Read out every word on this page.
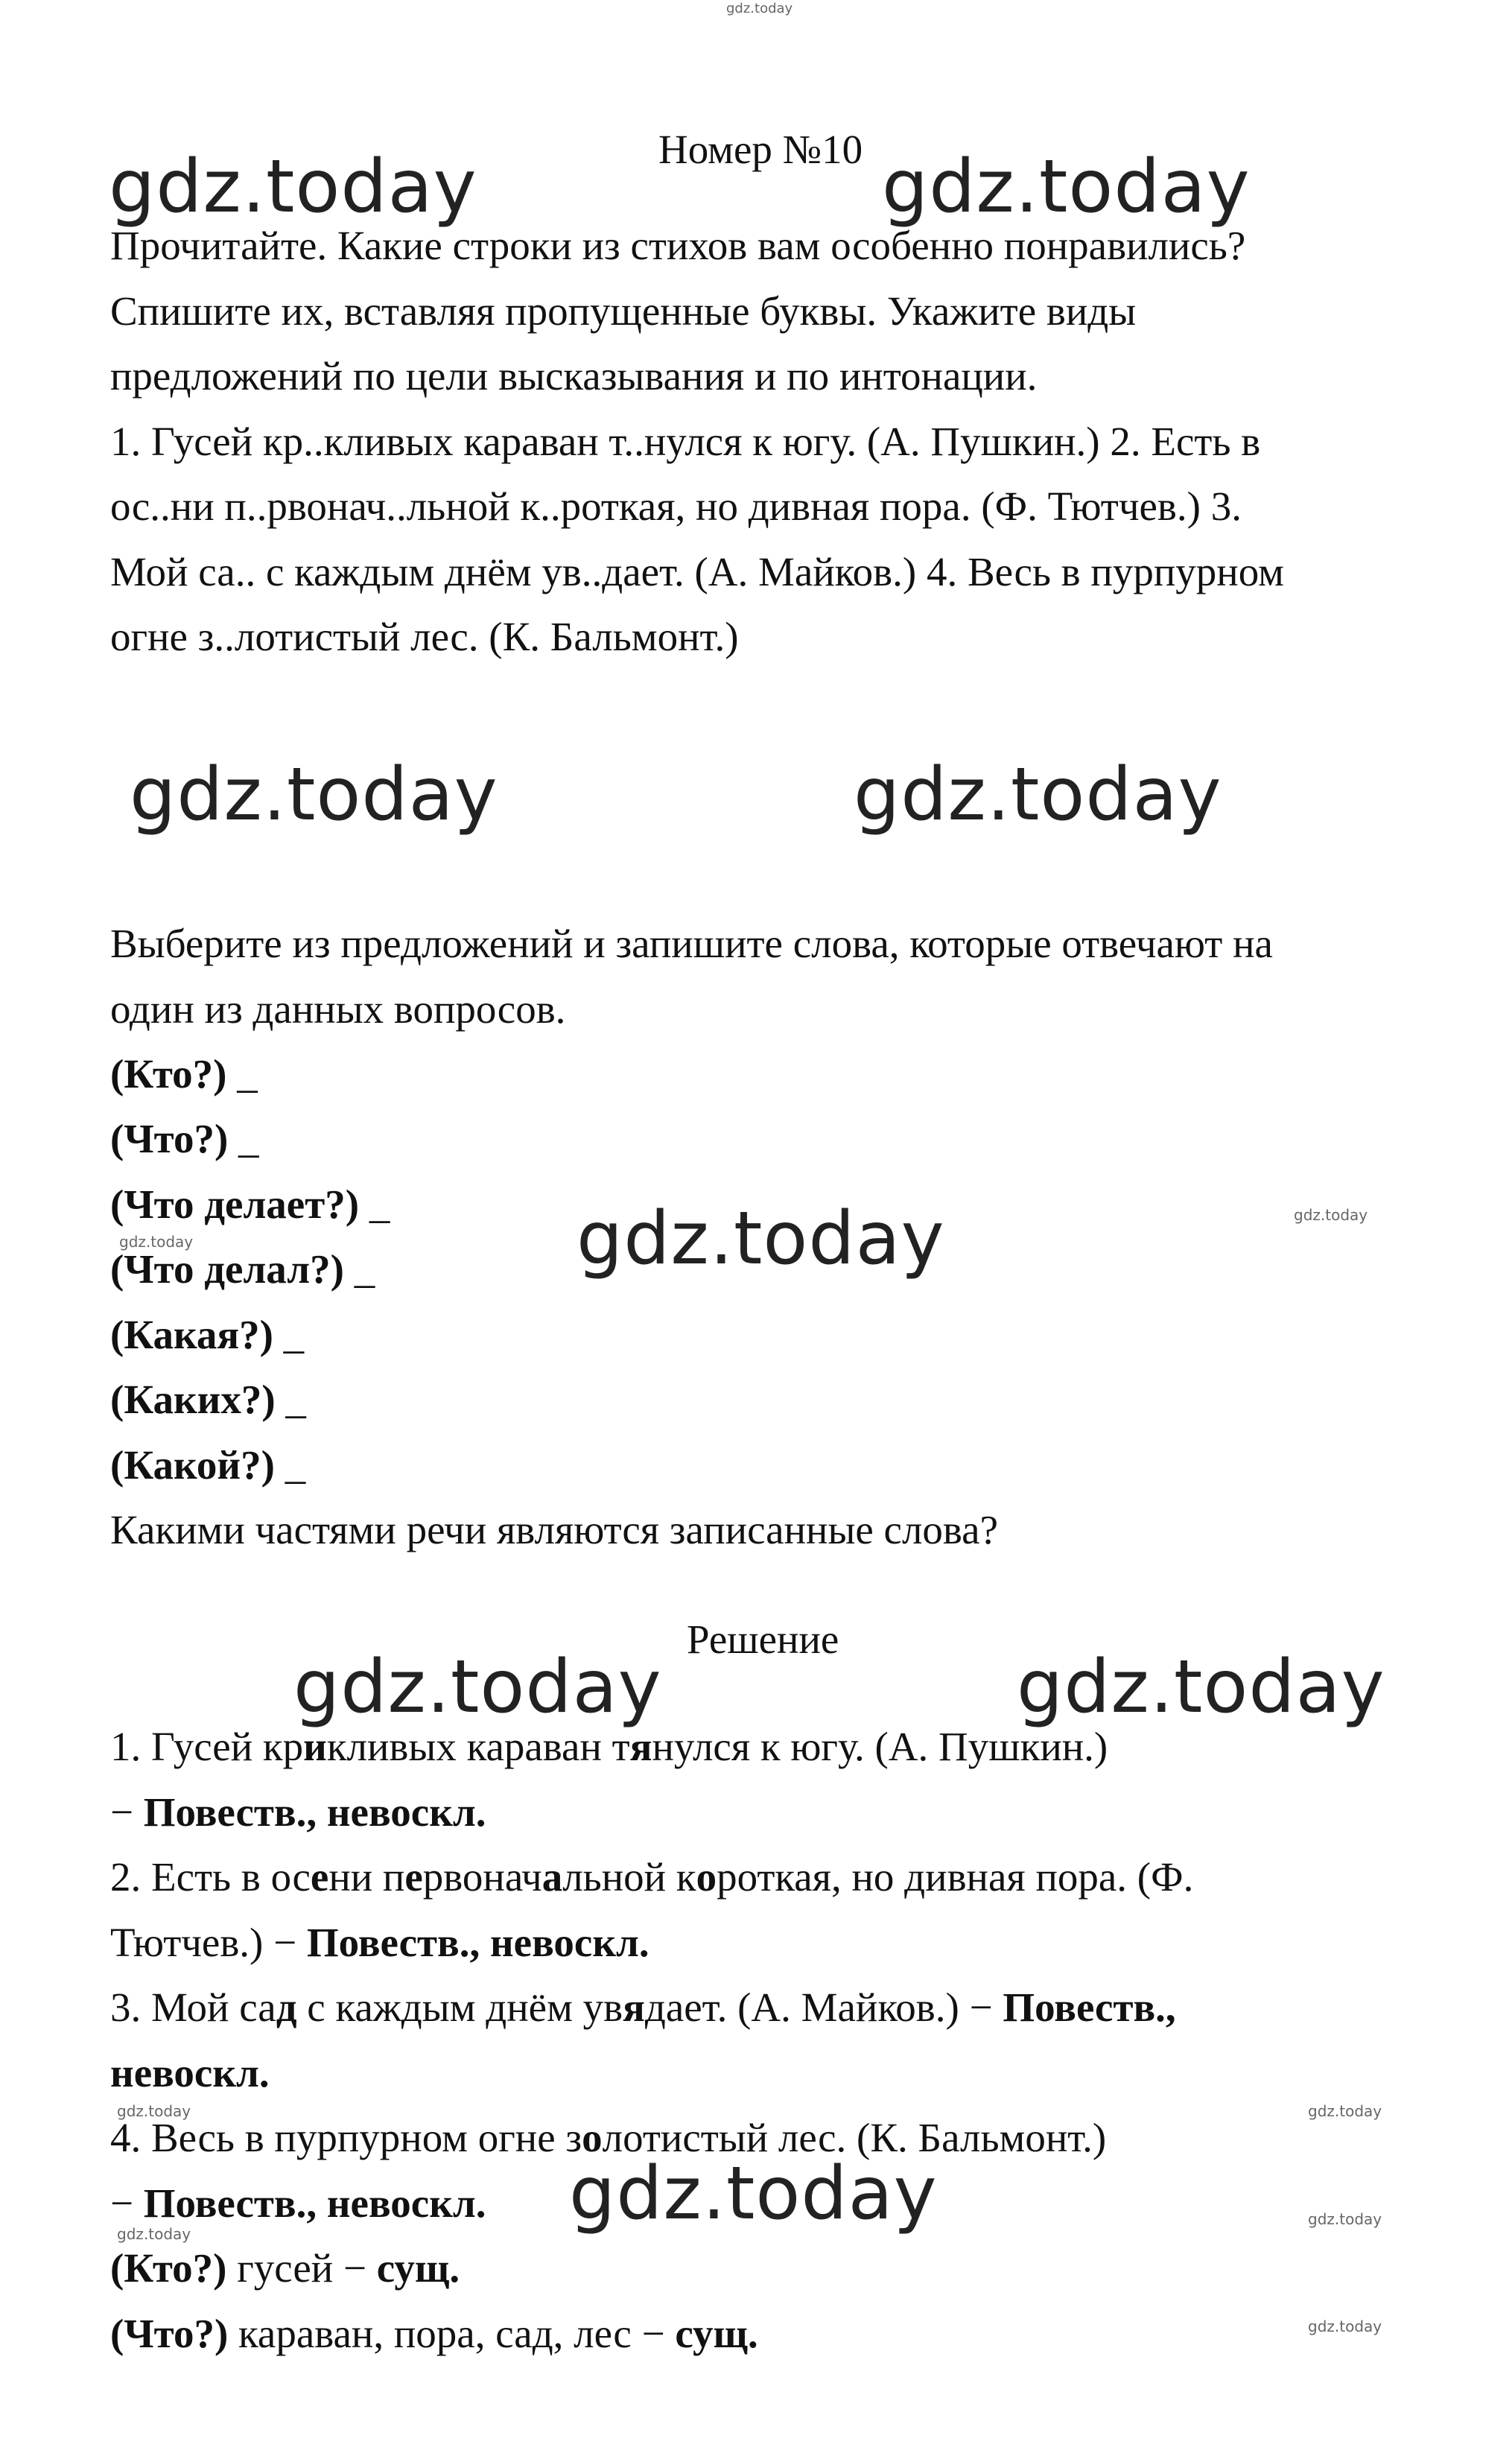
gdz.today
Номер №10
gdz.today	gdz.today

Прочитайте. Какие строки из стихов вам особенно понравились?

Спишите их, вставляя пропущенные буквы. Укажите виды

предложений по цели высказывания и по интонации.

1. Гусей кр..кливых караван т..нулся к югу. (А. Пушкин.) 2. Есть в

ос..ни п..рвонач..льной к..роткая, но дивная пора. (Ф. Тютчев.) 3.

Мой са.. с каждым днём ув..дает. (А. Майков.) 4. Весь в пурпурном

огне з..лотистый лес. (К. Бальмонт.)

gdz.today	gdz.today

Выберите из предложений и запишите слова, которые отвечают на

один из данных вопросов.

(Кто?) _

(Что?) _

(Что делает?) _

(Что делал?) _

(Какая?) _

(Каких?) _

(Какой?) _

Какими частями речи являются записанные слова?

gdz.today
gdz.today
gdz.today
Решение
gdz.today	gdz.today

1. Гусей крикливых караван тянулся к югу. (А. Пушкин.)

− Повеств., невоскл.

2. Есть в осени первоначальной короткая, но дивная пора. (Ф.

Тютчев.) − Повеств., невоскл.

3. Мой сад с каждым днём увядает. (А. Майков.) − Повеств.,

невоскл.

4. Весь в пурпурном огне золотистый лес. (К. Бальмонт.)

− Повеств., невоскл.

(Кто?) гусей − сущ.

(Что?) караван, пора, сад, лес − сущ.

gdz.today
gdz.today
gdz.today
gdz.today
gdz.today
gdz.today
